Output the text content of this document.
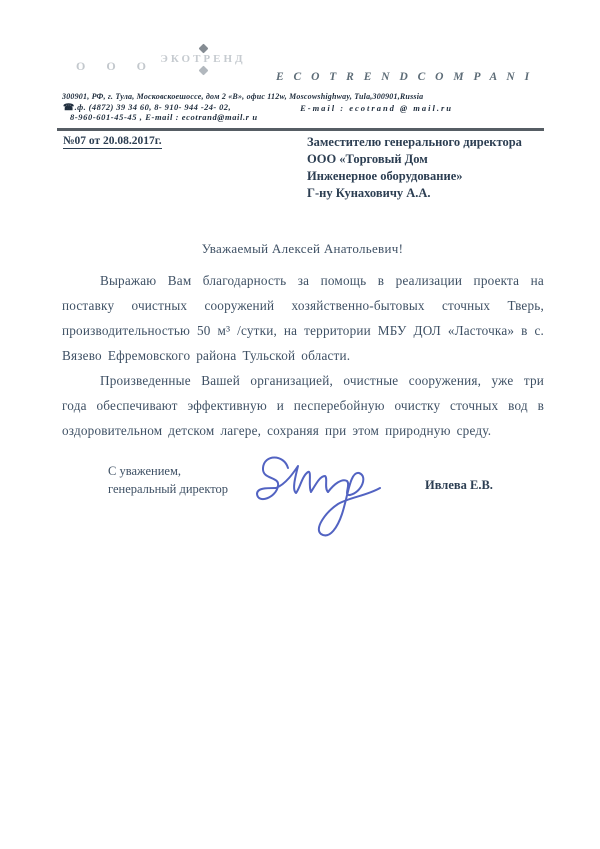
О О О ЭКОТРЕНД
E C O T R E N D C O M P A N I
300901, РФ, г. Тула, Московскоешоссе, дом 2 «В», офис 112w, Moscowshighway, Tula,300901,Russia
☎.ф. (4872) 39 34 60, 8- 910- 944 -24- 02,	E-mail : ecotrand @ mail.ru
8-960-601-45-45 , E-mail : ecotrand@mail.r u
№07 от 20.08.2017г.	Заместителю генерального директора
ООО «Торговый Дом
Инженерное оборудование»
Г-ну Кунаховичу А.А.
Уважаемый Алексей Анатольевич!

Выражаю Вам благодарность за помощь в реализации проекта на поставку очистных сооружений хозяйственно-бытовых сточных Тверь, производительностью 50 м³ /сутки, на территории МБУ ДОЛ «Ласточка» в с. Вязево Ефремовского района Тульской области.

Произведенные Вашей организацией, очистные сооружения, уже три года обеспечивают эффективную и песперебойную очистку сточных вод в оздоровительном детском лагере, сохраняя при этом природную среду.

С уважением,
генеральный директор	Ивлева Е.В.
